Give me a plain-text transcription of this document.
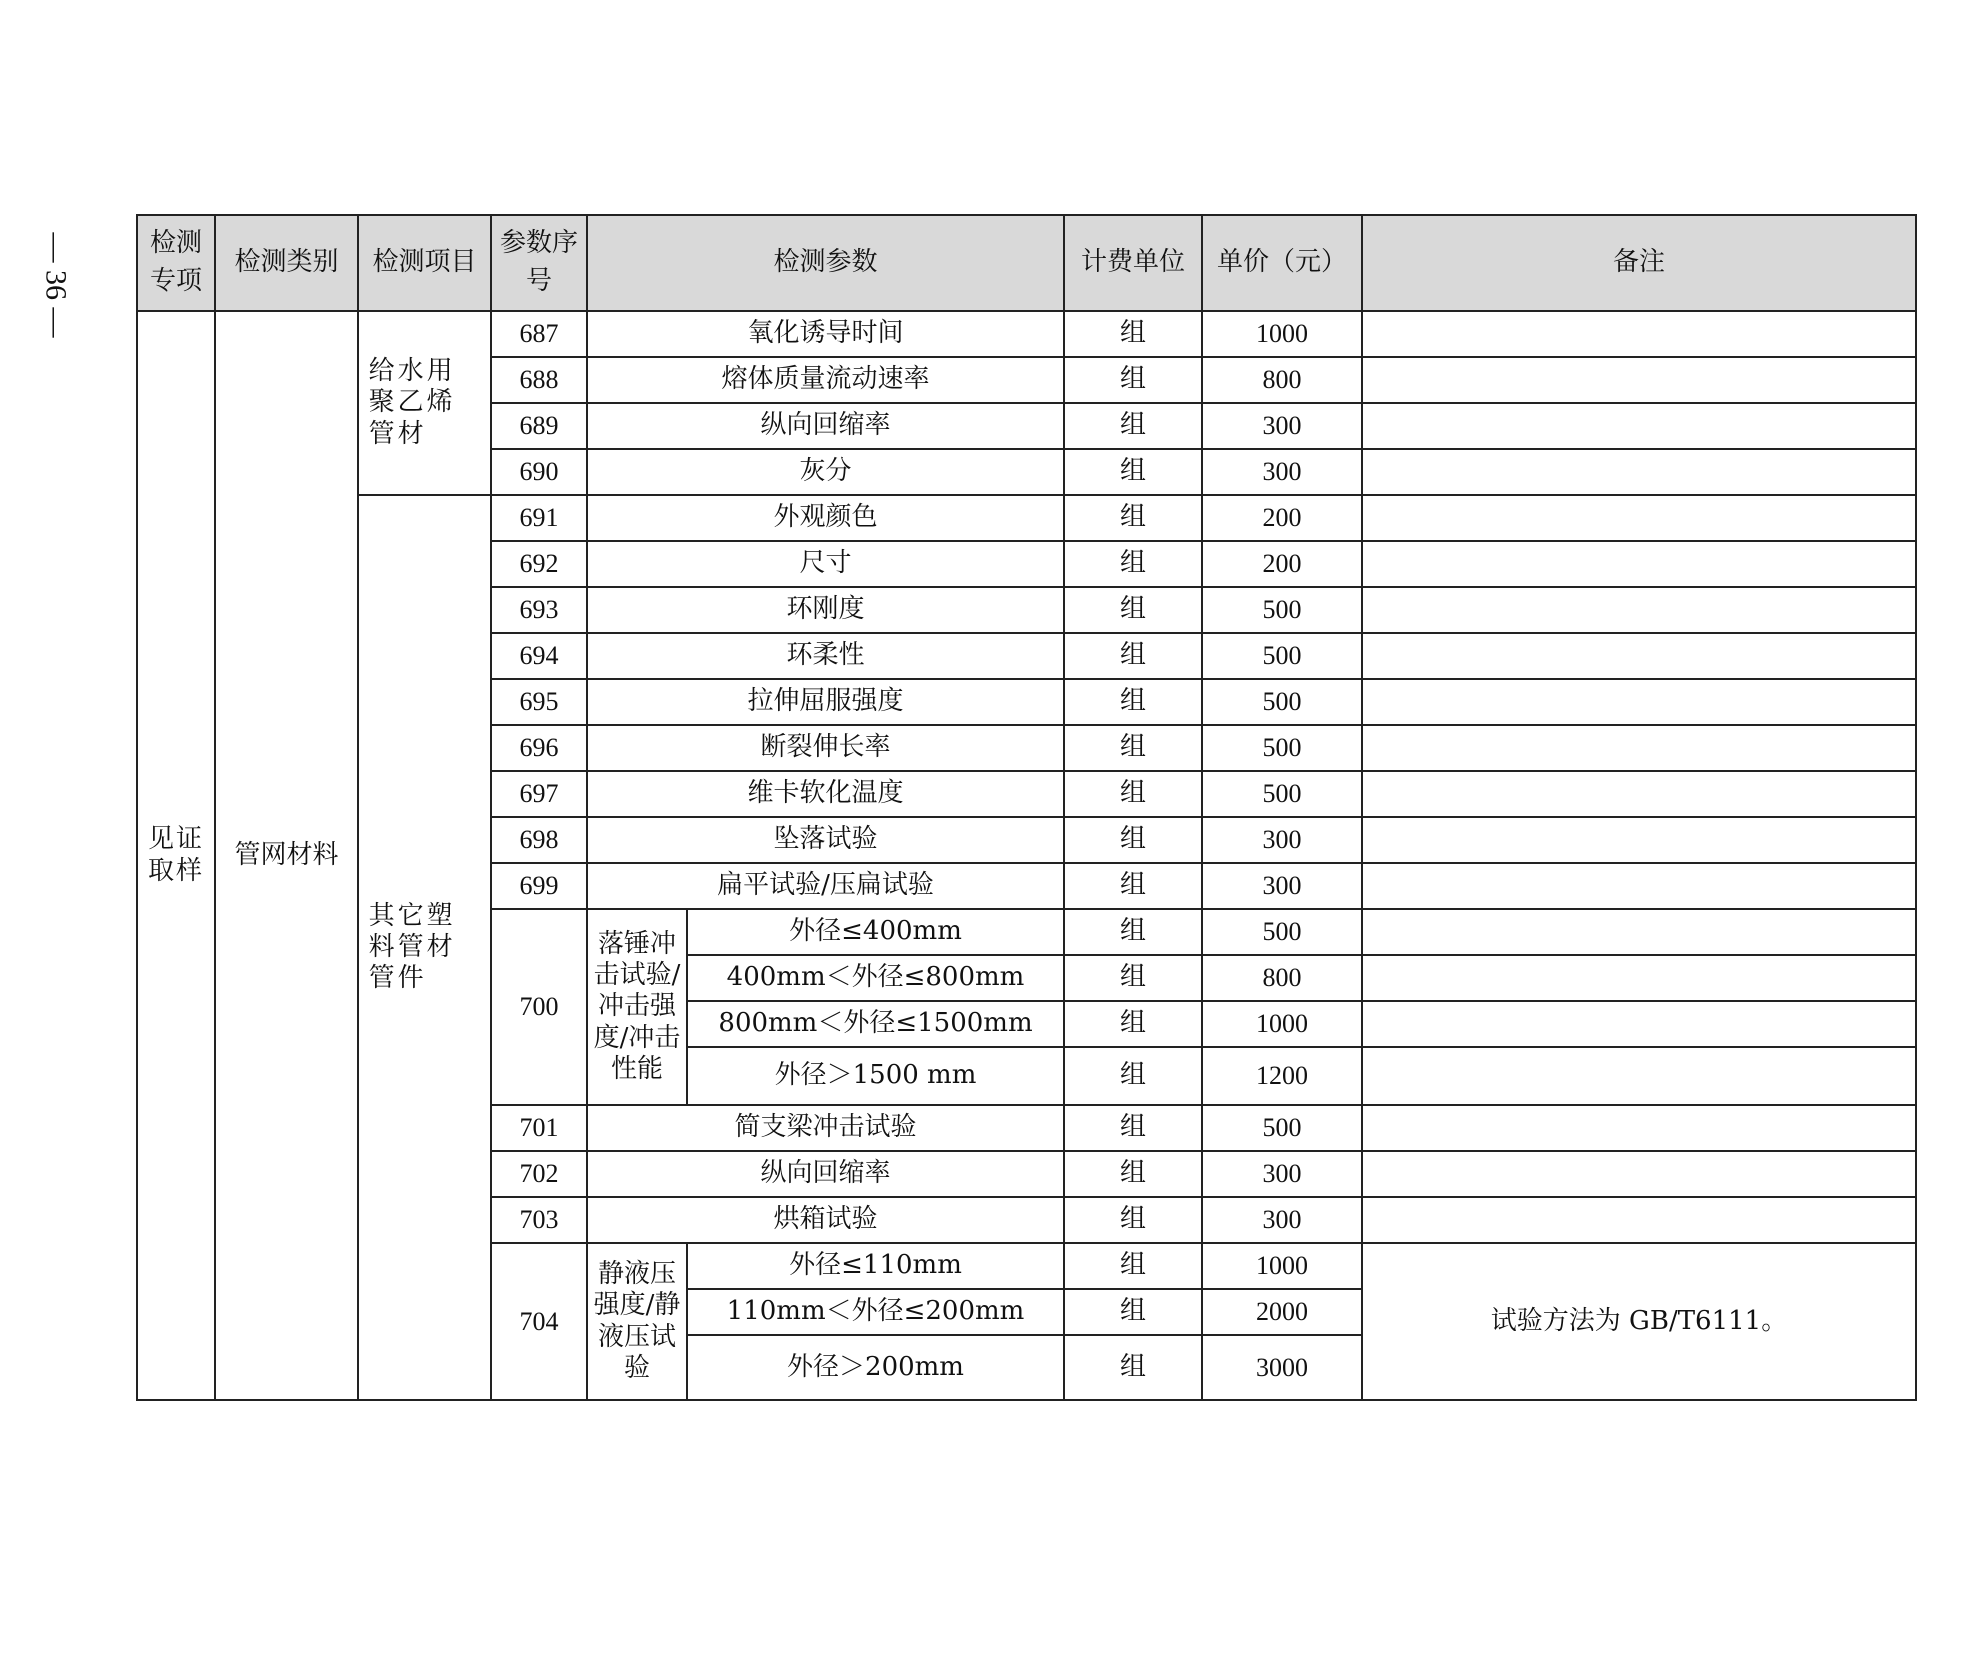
— 36 —	检测专项	检测类别	检测项目	参数序号	检测参数		计费单位	单价（元）	备注
见证取样	管网材料	给水用聚乙烯管材	687	氧化诱导时间		组	1000	
			688	熔体质量流动速率		组	800	
			689	纵向回缩率		组	300	
			690	灰分		组	300	
		其它塑料管材管件	691	外观颜色		组	200	
			692	尺寸		组	200	
			693	环刚度		组	500	
			694	环柔性		组	500	
			695	拉伸屈服强度		组	500	
			696	断裂伸长率		组	500	
			697	维卡软化温度		组	500	
			698	坠落试验		组	300	
			699	扁平试验/压扁试验		组	300	
			700	落锤冲击试验/冲击强度/冲击性能	外径≤400mm	组	500	
					400mm＜外径≤800mm	组	800	
					800mm＜外径≤1500mm	组	1000	
					外径＞1500 mm	组	1200	
			701	简支梁冲击试验		组	500	
			702	纵向回缩率		组	300	
			703	烘箱试验		组	300	
			704	静液压强度/静液压试验	外径≤110mm	组	1000	试验方法为 GB/T6111。
					110mm＜外径≤200mm	组	2000	
					外径＞200mm	组	3000	
